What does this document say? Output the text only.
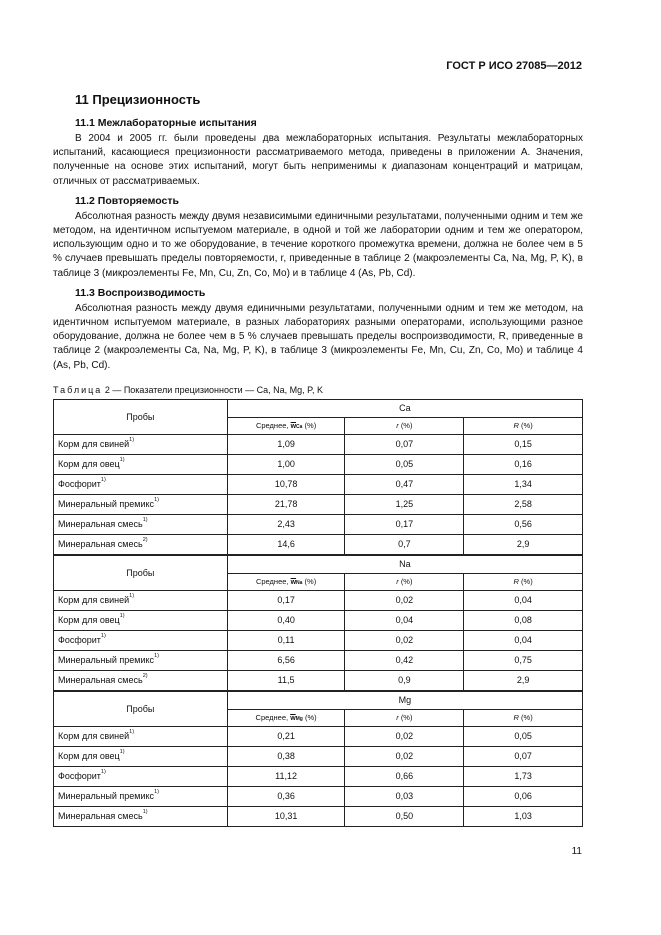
ГОСТ Р ИСО 27085—2012
11 Прецизионность
11.1 Межлабораторные испытания

В 2004 и 2005 гг. были проведены два межлабораторных испытания. Результаты межлабораторных испытаний, касающиеся прецизионности рассматриваемого метода, приведены в приложении А. Значения, полученные на основе этих испытаний, могут быть неприменимы к диапазонам концентраций и матрицам, отличных от рассматриваемых.

11.2 Повторяемость

Абсолютная разность между двумя независимыми единичными результатами, полученными одним и тем же методом, на идентичном испытуемом материале, в одной и той же лаборатории одним и тем же оператором, использующим одно и то же оборудование, в течение короткого промежутка времени, должна не более чем в 5 % случаев превышать пределы повторяемости, r, приведенные в таблице 2 (макроэлементы Ca, Na, Mg, P, K), в таблице 3 (микроэлементы Fe, Mn, Cu, Zn, Co, Mo) и в таблице 4 (As, Pb, Cd).

11.3 Воспроизводимость

Абсолютная разность между двумя единичными результатами, полученными одним и тем же методом, на идентичном испытуемом материале, в разных лабораториях разными операторами, использующими разное оборудование, должна не более чем в 5 % случаев превышать пределы воспроизводимости, R, приведенные в таблице 2 (макроэлементы Ca, Na, Mg, P, K), в таблице 3 (микроэлементы Fe, Mn, Cu, Zn, Co, Mo) и таблице 4 (As, Pb, Cd).

Таблица 2 — Показатели прецизионности — Ca, Na, Mg, P, K
Пробы	Ca		
	Среднее, $\overline{w}Ca$ (%)	r (%)	R (%)
Корм для свиней$^{1)}$	1,09	0,07	0,15
Корм для овец$^{1)}$	1,00	0,05	0,16
Фосфорит$^{1)}$	10,78	0,47	1,34
Минеральный премикс$^{1)}$	21,78	1,25	2,58
Минеральная смесь$^{1)}$	2,43	0,17	0,56
Минеральная смесь$^{2)}$	14,6	0,7	2,9
Пробы	Na		
	Среднее, $\overline{w}Na$ (%)	r (%)	R (%)
Корм для свиней$^{1)}$	0,17	0,02	0,04
Корм для овец$^{1)}$	0,40	0,04	0,08
Фосфорит$^{1)}$	0,11	0,02	0,04
Минеральный премикс$^{1)}$	6,56	0,42	0,75
Минеральная смесь$^{2)}$	11,5	0,9	2,9
Пробы	Mg		
	Среднее, $\overline{w}Mg$ (%)	r (%)	R (%)
Корм для свиней$^{1)}$	0,21	0,02	0,05
Корм для овец$^{1)}$	0,38	0,02	0,07
Фосфорит$^{1)}$	11,12	0,66	1,73
Минеральный премикс$^{1)}$	0,36	0,03	0,06
Минеральная смесь$^{1)}$	10,31	0,50	1,03
11
